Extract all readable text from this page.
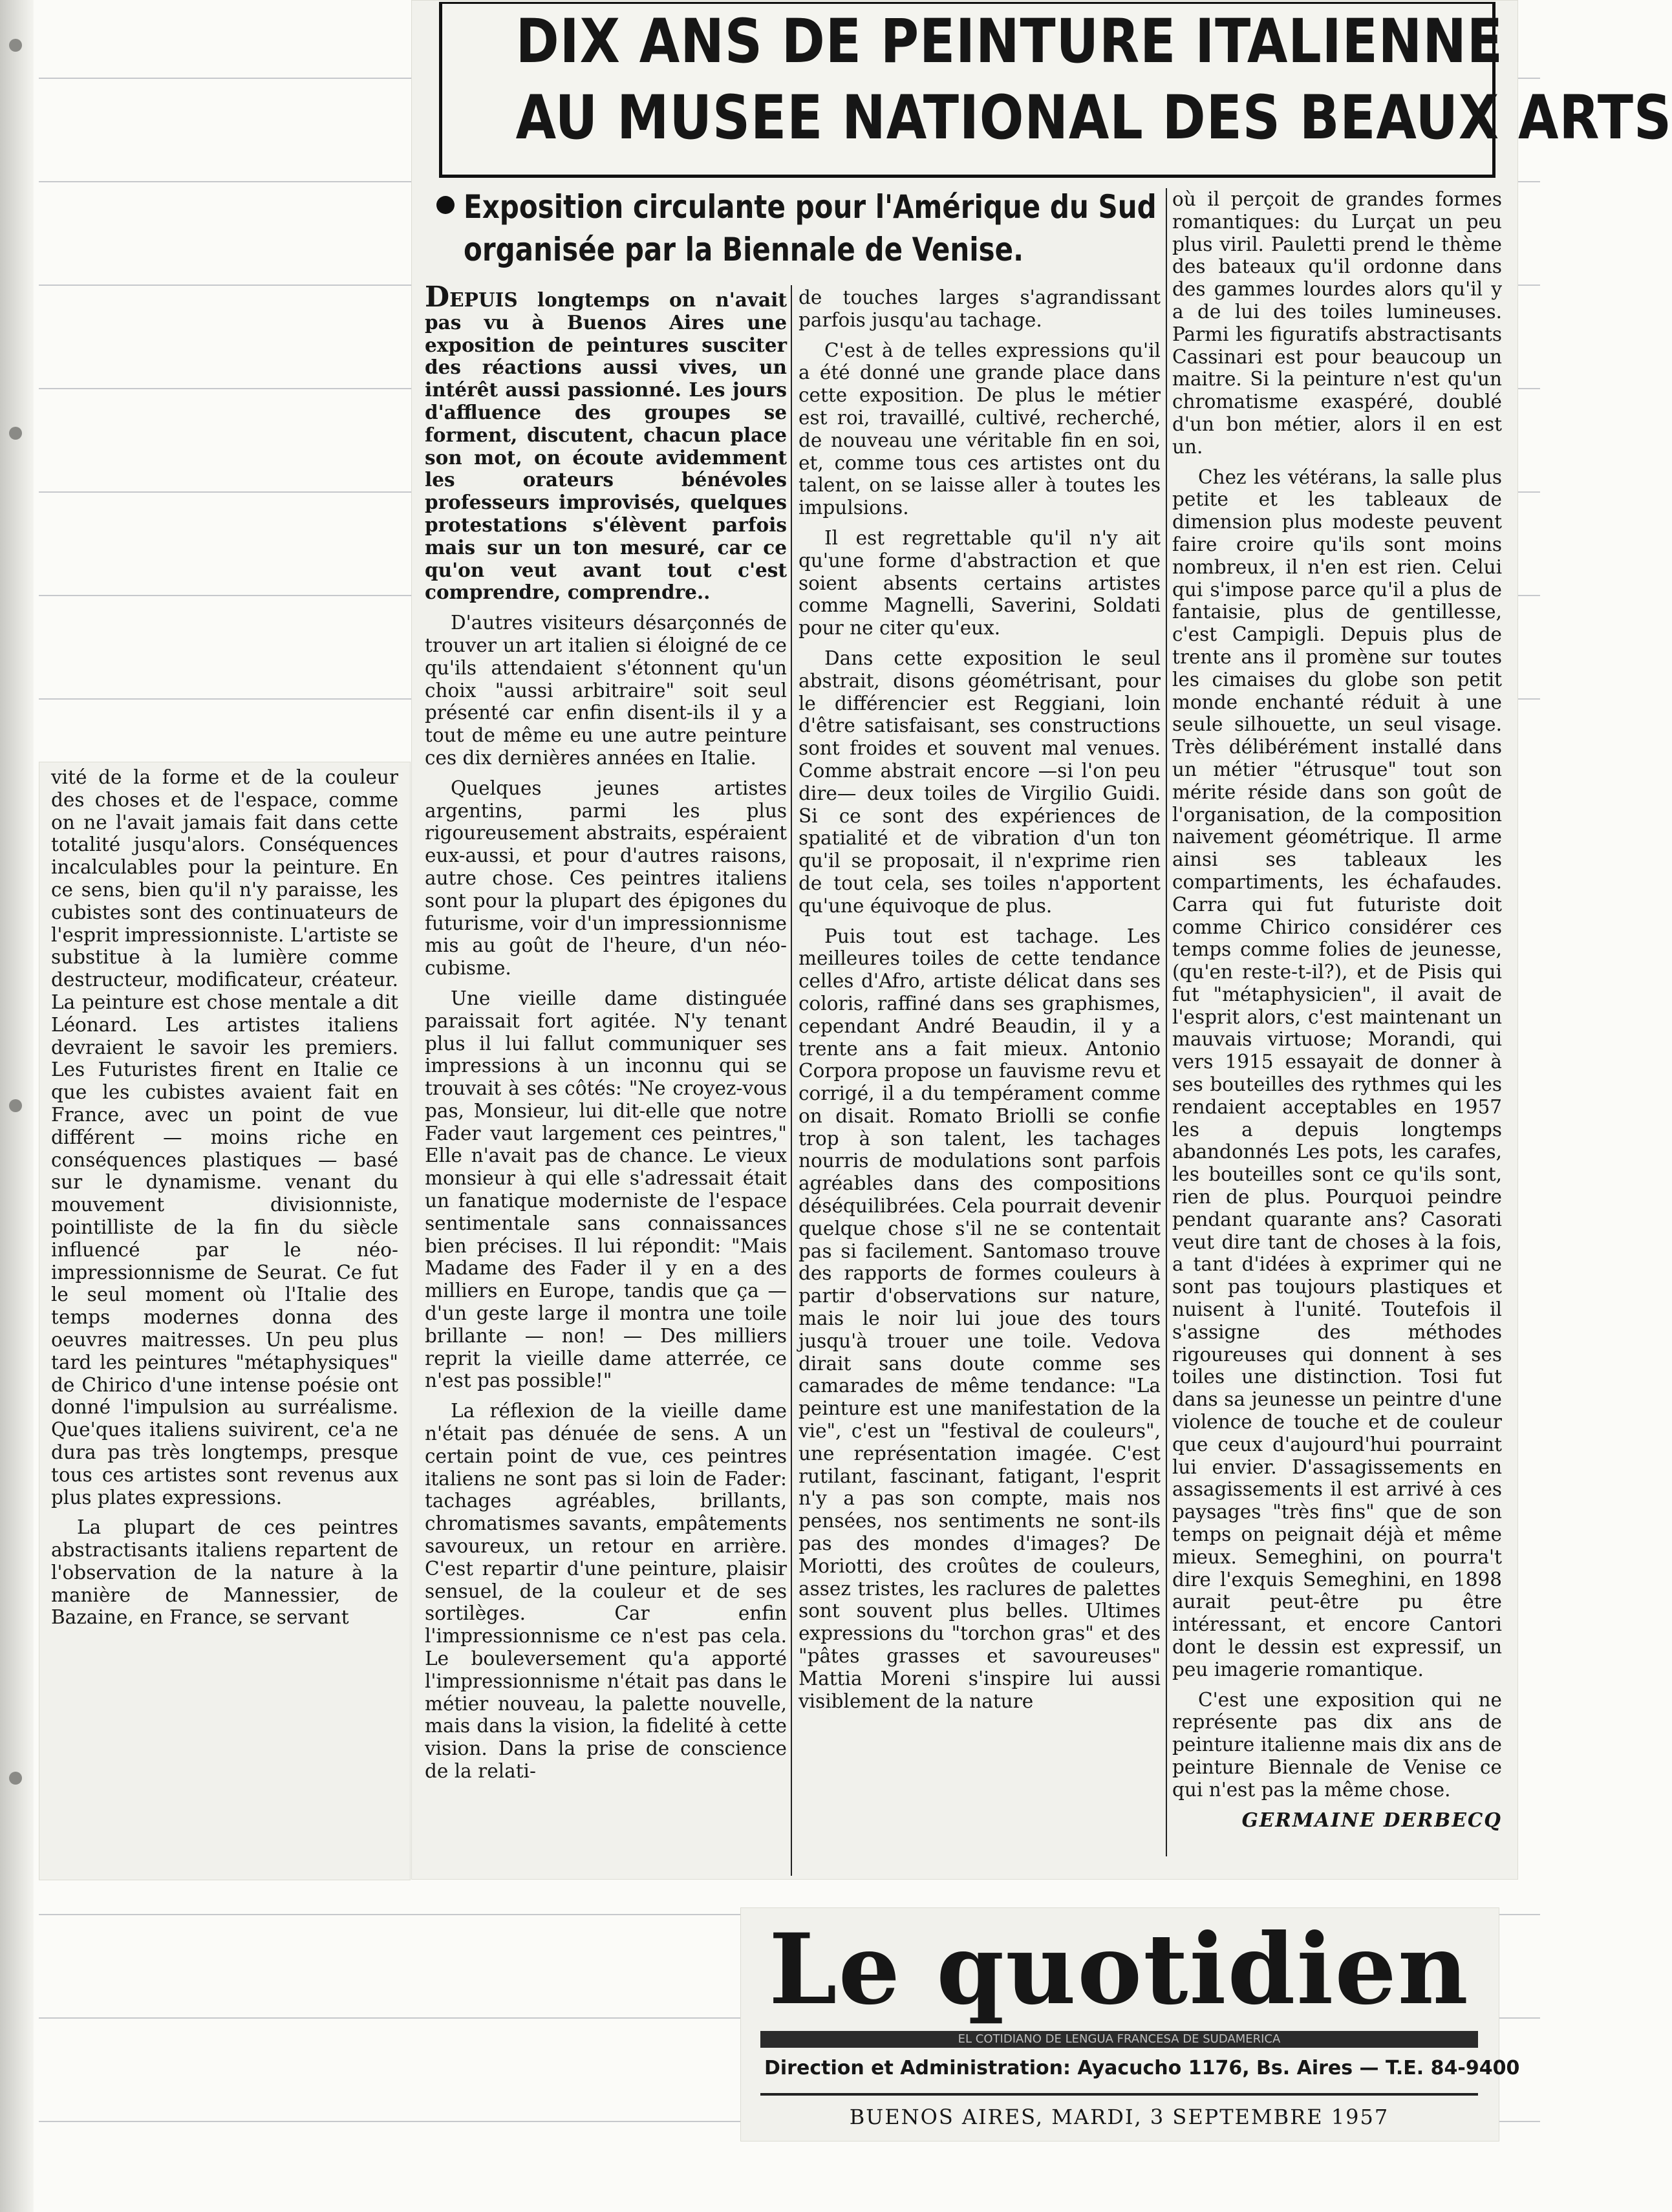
vité de la forme et de la couleur des choses et de l'espace, comme on ne l'avait jamais fait dans cette totalité jusqu'alors. Conséquences incalculables pour la peinture. En ce sens, bien qu'il n'y paraisse, les cubistes sont des continuateurs de l'esprit impressionniste. L'artiste se substitue à la lumière comme destructeur, modificateur, créateur. La peinture est chose mentale a dit Léonard. Les artistes italiens devraient le savoir les premiers. Les Futuristes firent en Italie ce que les cubistes avaient fait en France, avec un point de vue différent — moins riche en conséquences plastiques — basé sur le dynamisme. venant du mouvement divisionniste, pointilliste de la fin du siècle influencé par le néo-impressionnisme de Seurat. Ce fut le seul moment où l'Italie des temps modernes donna des oeuvres maitresses. Un peu plus tard les peintures "métaphysiques" de Chirico d'une intense poésie ont donné l'impulsion au surréalisme. Que'ques italiens suivirent, ce'a ne dura pas très longtemps, presque tous ces artistes sont revenus aux plus plates expressions.

La plupart de ces peintres abstractisants italiens repartent de l'observation de la nature à la manière de Mannessier, de Bazaine, en France, se servant

DIX ANS DE PEINTURE ITALIENNE
AU MUSEE NATIONAL DES BEAUX ARTS
Exposition circulante pour l'Amérique du Sud
organisée par la Biennale de Venise.

DEPUIS longtemps on n'avait pas vu à Buenos Aires une exposition de peintures susciter des réactions aussi vives, un intérêt aussi passionné. Les jours d'affluence des groupes se forment, discutent, chacun place son mot, on écoute avidemment les orateurs bénévoles professeurs improvisés, quelques protestations s'élèvent parfois mais sur un ton mesuré, car ce qu'on veut avant tout c'est comprendre, comprendre..

D'autres visiteurs désarçonnés de trouver un art italien si éloigné de ce qu'ils attendaient s'étonnent qu'un choix "aussi arbitraire" soit seul présenté car enfin disent-ils il y a tout de même eu une autre peinture ces dix dernières années en Italie.

Quelques jeunes artistes argentins, parmi les plus rigoureusement abstraits, espéraient eux-aussi, et pour d'autres raisons, autre chose. Ces peintres italiens sont pour la plupart des épigones du futurisme, voir d'un impressionnisme mis au goût de l'heure, d'un néo-cubisme.

Une vieille dame distinguée paraissait fort agitée. N'y tenant plus il lui fallut communiquer ses impressions à un inconnu qui se trouvait à ses côtés: "Ne croyez-vous pas, Monsieur, lui dit-elle que notre Fader vaut largement ces peintres," Elle n'avait pas de chance. Le vieux monsieur à qui elle s'adressait était un fanatique moderniste de l'espace sentimentale sans connaissances bien précises. Il lui répondit: "Mais Madame des Fader il y en a des milliers en Europe, tandis que ça — d'un geste large il montra une toile brillante — non! — Des milliers reprit la vieille dame atterrée, ce n'est pas possible!"

La réflexion de la vieille dame n'était pas dénuée de sens. A un certain point de vue, ces peintres italiens ne sont pas si loin de Fader: tachages agréables, brillants, chromatismes savants, empâtements savoureux, un retour en arrière. C'est repartir d'une peinture, plaisir sensuel, de la couleur et de ses sortilèges. Car enfin l'impressionnisme ce n'est pas cela. Le bouleversement qu'a apporté l'impressionnisme n'était pas dans le métier nouveau, la palette nouvelle, mais dans la vision, la fidelité à cette vision. Dans la prise de conscience de la relati-

de touches larges s'agrandissant parfois jusqu'au tachage.

C'est à de telles expressions qu'il a été donné une grande place dans cette exposition. De plus le métier est roi, travaillé, cultivé, recherché, de nouveau une véritable fin en soi, et, comme tous ces artistes ont du talent, on se laisse aller à toutes les impulsions.

Il est regrettable qu'il n'y ait qu'une forme d'abstraction et que soient absents certains artistes comme Magnelli, Saverini, Soldati pour ne citer qu'eux.

Dans cette exposition le seul abstrait, disons géométrisant, pour le différencier est Reggiani, loin d'être satisfaisant, ses constructions sont froides et souvent mal venues. Comme abstrait encore —si l'on peu dire— deux toiles de Virgilio Guidi. Si ce sont des expériences de spatialité et de vibration d'un ton qu'il se proposait, il n'exprime rien de tout cela, ses toiles n'apportent qu'une équivoque de plus.

Puis tout est tachage. Les meilleures toiles de cette tendance celles d'Afro, artiste délicat dans ses coloris, raffiné dans ses graphismes, cependant André Beaudin, il y a trente ans a fait mieux. Antonio Corpora propose un fauvisme revu et corrigé, il a du tempérament comme on disait. Romato Briolli se confie trop à son talent, les tachages nourris de modulations sont parfois agréables dans des compositions déséquilibrées. Cela pourrait devenir quelque chose s'il ne se contentait pas si facilement. Santomaso trouve des rapports de formes couleurs à partir d'observations sur nature, mais le noir lui joue des tours jusqu'à trouer une toile. Vedova dirait sans doute comme ses camarades de même tendance: "La peinture est une manifestation de la vie", c'est un "festival de couleurs", une représentation imagée. C'est rutilant, fascinant, fatigant, l'esprit n'y a pas son compte, mais nos pensées, nos sentiments ne sont-ils pas des mondes d'images? De Moriotti, des croûtes de couleurs, assez tristes, les raclures de palettes sont souvent plus belles. Ultimes expressions du "torchon gras" et des "pâtes grasses et savoureuses" Mattia Moreni s'inspire lui aussi visiblement de la nature

où il perçoit de grandes formes romantiques: du Lurçat un peu plus viril. Pauletti prend le thème des bateaux qu'il ordonne dans des gammes lourdes alors qu'il y a de lui des toiles lumineuses. Parmi les figuratifs abstractisants Cassinari est pour beaucoup un maitre. Si la peinture n'est qu'un chromatisme exaspéré, doublé d'un bon métier, alors il en est un.

Chez les vétérans, la salle plus petite et les tableaux de dimension plus modeste peuvent faire croire qu'ils sont moins nombreux, il n'en est rien. Celui qui s'impose parce qu'il a plus de fantaisie, plus de gentillesse, c'est Campigli. Depuis plus de trente ans il promène sur toutes les cimaises du globe son petit monde enchanté réduit à une seule silhouette, un seul visage. Très délibérément installé dans un métier "étrusque" tout son mérite réside dans son goût de l'organisation, de la composition naivement géométrique. Il arme ainsi ses tableaux les compartiments, les échafaudes. Carra qui fut futuriste doit comme Chirico considérer ces temps comme folies de jeunesse, (qu'en reste-t-il?), et de Pisis qui fut "métaphysicien", il avait de l'esprit alors, c'est maintenant un mauvais virtuose; Morandi, qui vers 1915 essayait de donner à ses bouteilles des rythmes qui les rendaient acceptables en 1957 les a depuis longtemps abandonnés Les pots, les carafes, les bouteilles sont ce qu'ils sont, rien de plus. Pourquoi peindre pendant quarante ans? Casorati veut dire tant de choses à la fois, a tant d'idées à exprimer qui ne sont pas toujours plastiques et nuisent à l'unité. Toutefois il s'assigne des méthodes rigoureuses qui donnent à ses toiles une distinction. Tosi fut dans sa jeunesse un peintre d'une violence de touche et de couleur que ceux d'aujourd'hui pourraint lui envier. D'assagissements en assagissements il est arrivé à ces paysages "très fins" que de son temps on peignait déjà et même mieux. Semeghini, on pourra't dire l'exquis Semeghini, en 1898 aurait peut-être pu être intéressant, et encore Cantori dont le dessin est expressif, un peu imagerie romantique.

C'est une exposition qui ne représente pas dix ans de peinture italienne mais dix ans de peinture Biennale de Venise ce qui n'est pas la même chose.

GERMAINE DERBECQ
Le quotidien
EL COTIDIANO DE LENGUA FRANCESA DE SUDAMERICA
Direction et Administration: Ayacucho 1176, Bs. Aires — T.E. 84-9400
BUENOS AIRES, MARDI, 3 SEPTEMBRE 1957
